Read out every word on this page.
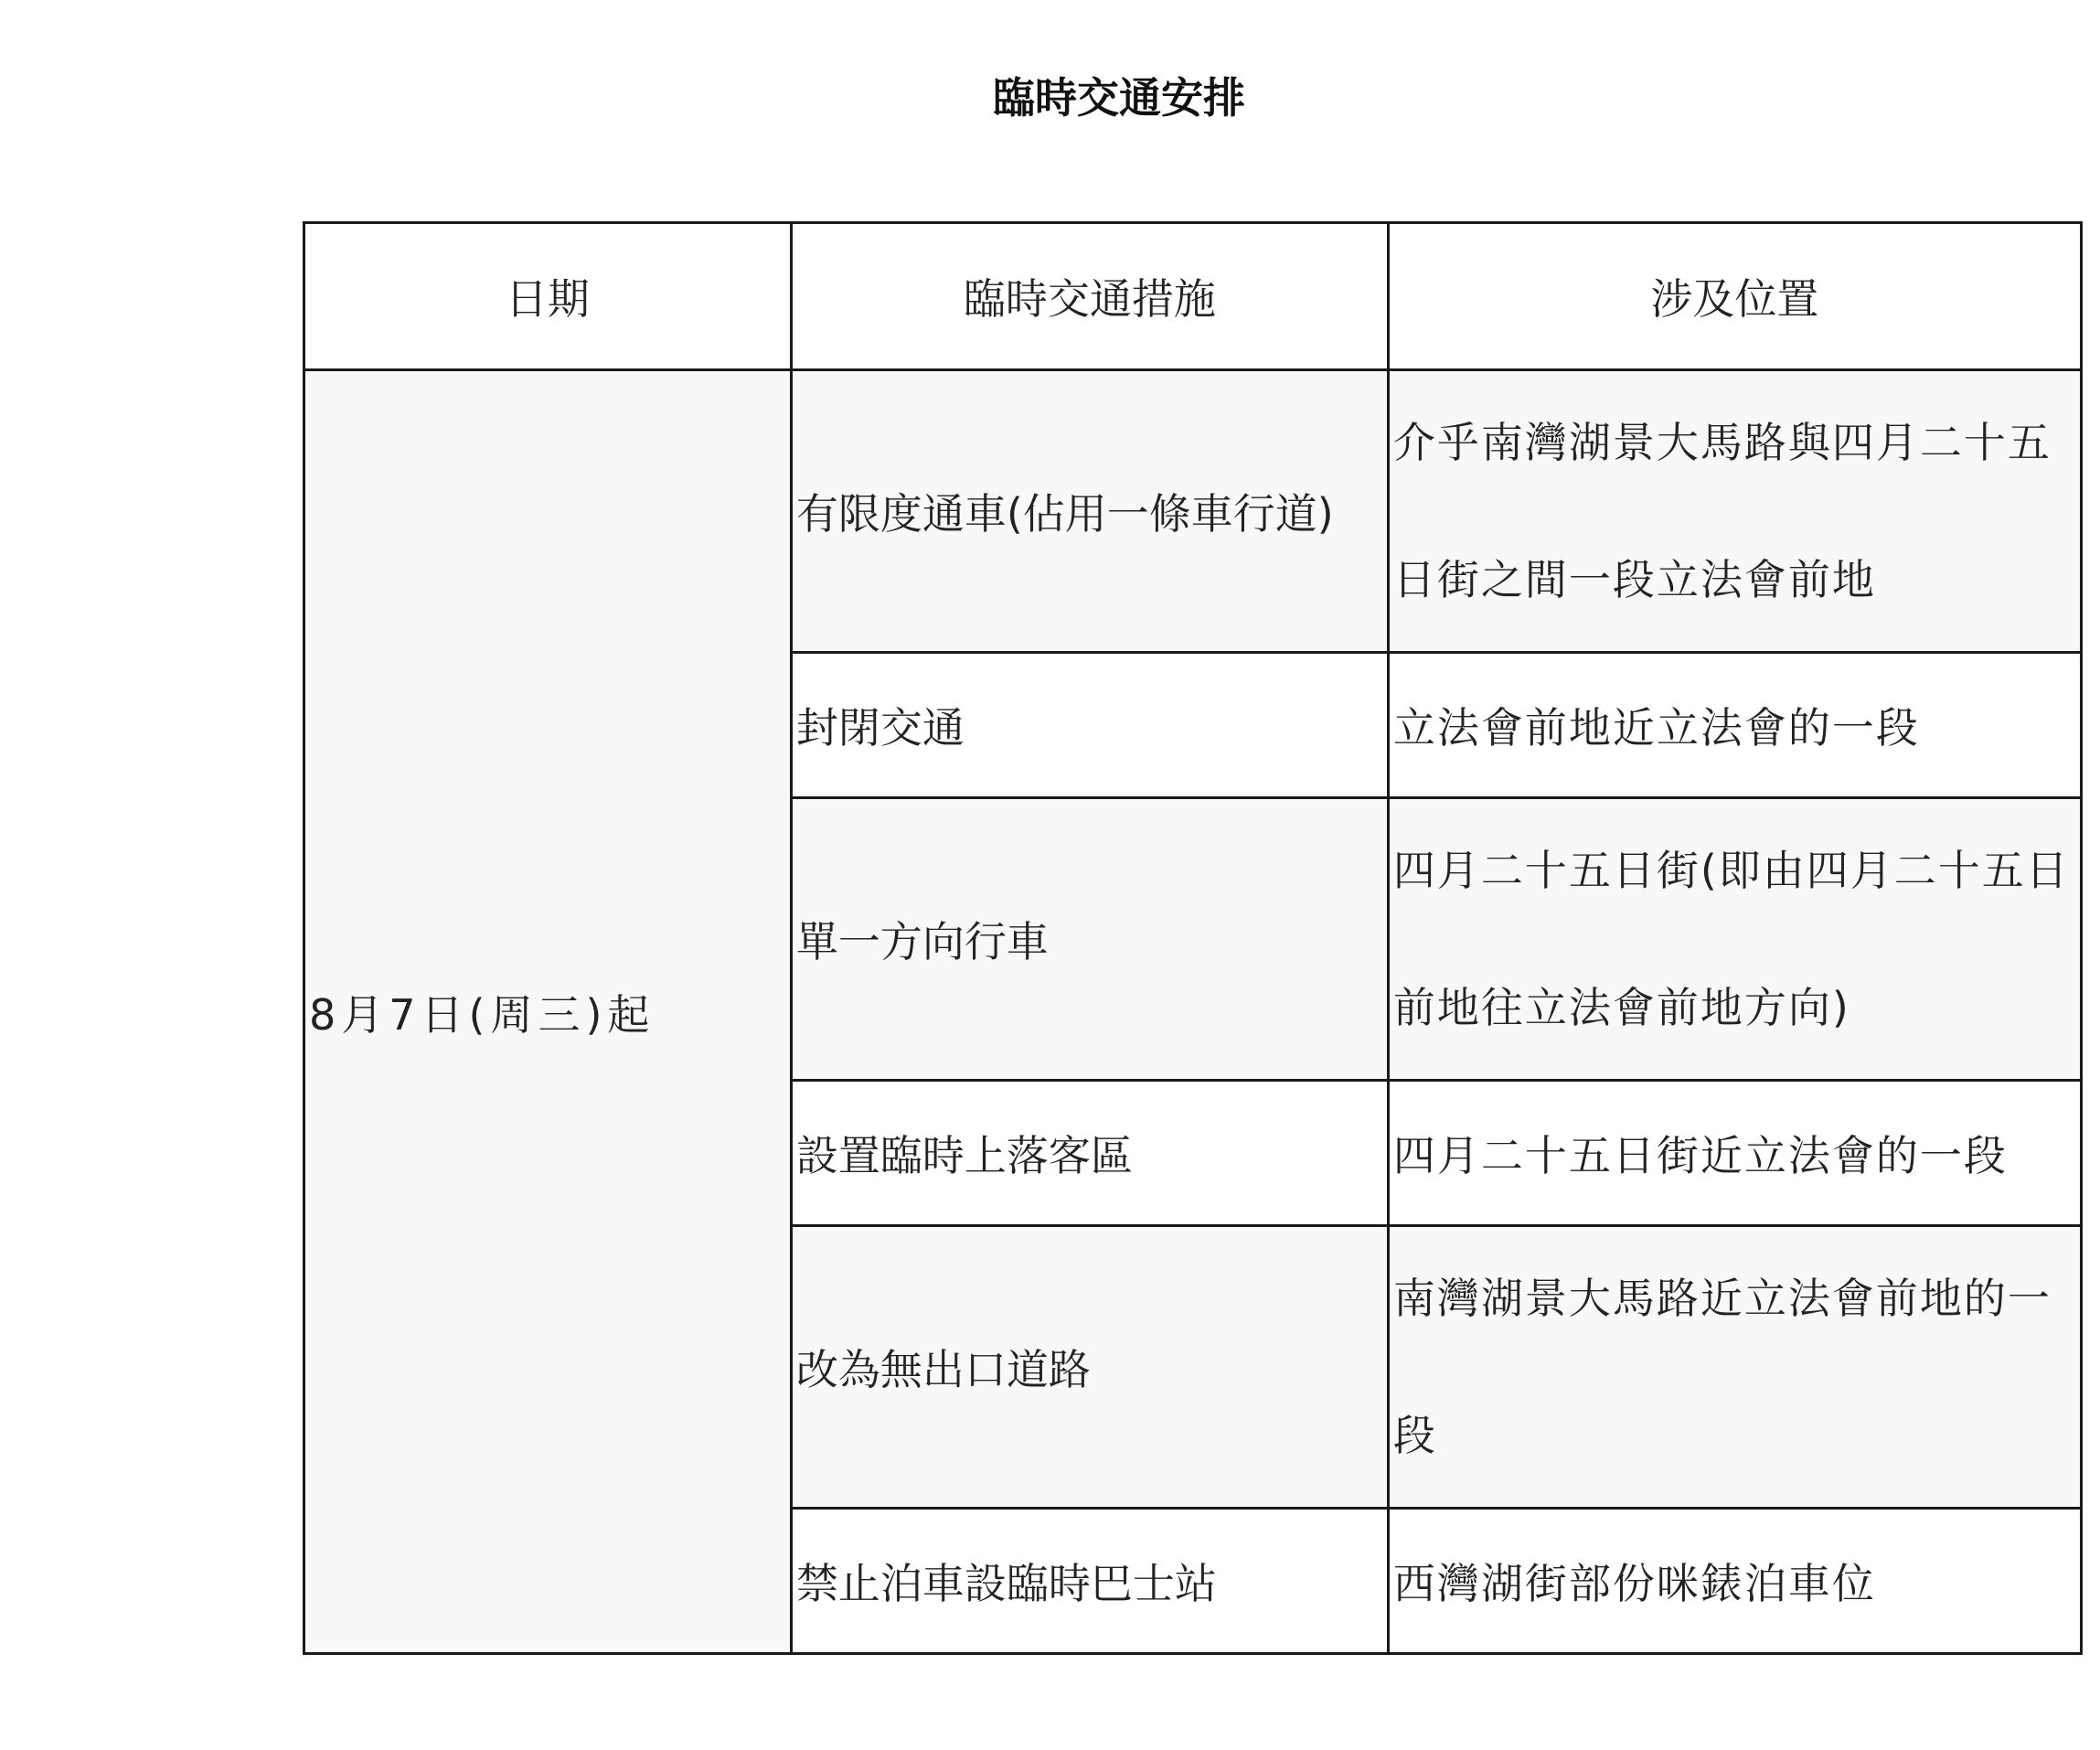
臨時交通安排
日期	臨時交通措施	涉及位置
8月7日(周三)起	有限度通車(佔用一條車行道)	介乎南灣湖景大馬路與四月二十五日街之間一段立法會前地
	封閉交通	立法會前地近立法會的一段
	單一方向行車	四月二十五日街(即由四月二十五日前地往立法會前地方向)
	設置臨時上落客區	四月二十五日街近立法會的一段
	改為無出口道路	南灣湖景大馬路近立法會前地的一段
	禁止泊車設臨時巴士站	西灣湖街部份咪錶泊車位
